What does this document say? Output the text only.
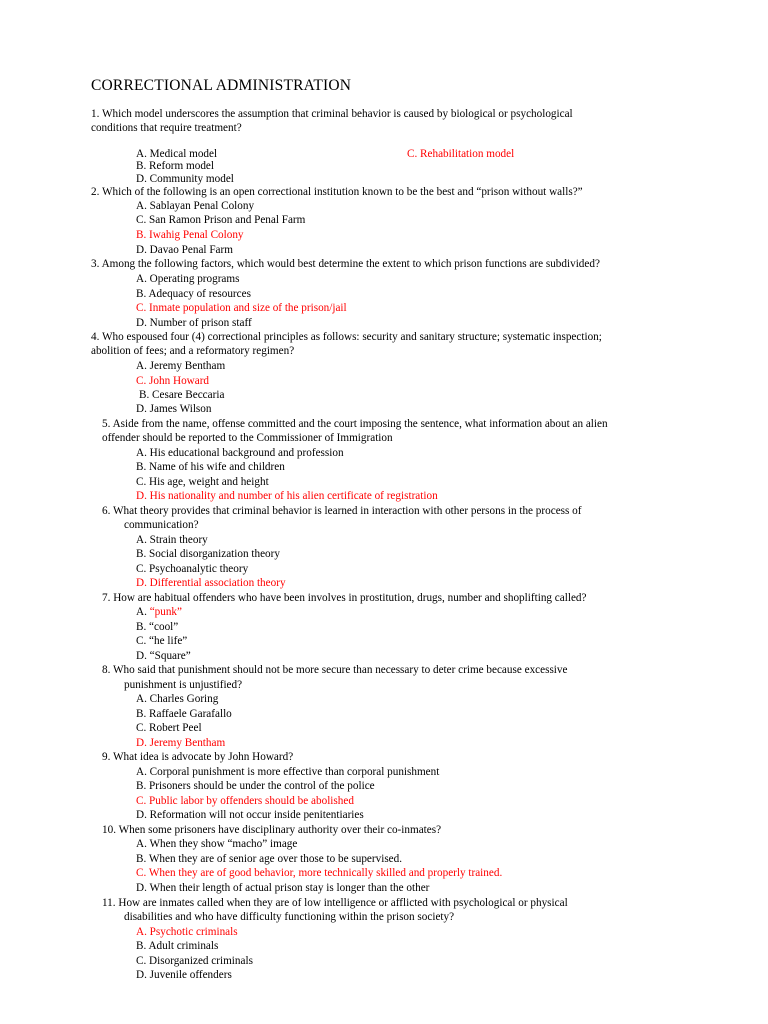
CORRECTIONAL ADMINISTRATION
1. Which model underscores the assumption that criminal behavior is caused by biological or psychological
conditions that require treatment?
A. Medical model	C. Rehabilitation model
B. Reform model
D. Community model
2. Which of the following is an open correctional institution known to be the best and “prison without walls?”
A. Sablayan Penal Colony
C. San Ramon Prison and Penal Farm
B. Iwahig Penal Colony
D. Davao Penal Farm
3. Among the following factors, which would best determine the extent to which prison functions are subdivided?
A. Operating programs
B. Adequacy of resources
C. Inmate population and size of the prison/jail
D. Number of prison staff
4. Who espoused four (4) correctional principles as follows: security and sanitary structure; systematic inspection;
abolition of fees; and a reformatory regimen?
A. Jeremy Bentham
C. John Howard
B. Cesare Beccaria
D. James Wilson
5. Aside from the name, offense committed and the court imposing the sentence, what information about an alien
offender should be reported to the Commissioner of Immigration
A. His educational background and profession
B. Name of his wife and children
C. His age, weight and height
D. His nationality and number of his alien certificate of registration
6. What theory provides that criminal behavior is learned in interaction with other persons in the process of
communication?
A. Strain theory
B. Social disorganization theory
C. Psychoanalytic theory
D. Differential association theory
7. How are habitual offenders who have been involves in prostitution, drugs, number and shoplifting called?
A. “punk”
B. “cool”
C. “he life”
D. “Square”
8. Who said that punishment should not be more secure than necessary to deter crime because excessive
punishment is unjustified?
A. Charles Goring
B. Raffaele Garafallo
C. Robert Peel
D. Jeremy Bentham
9. What idea is advocate by John Howard?
A. Corporal punishment is more effective than corporal punishment
B. Prisoners should be under the control of the police
C. Public labor by offenders should be abolished
D. Reformation will not occur inside penitentiaries
10. When some prisoners have disciplinary authority over their co-inmates?
A. When they show “macho” image
B. When they are of senior age over those to be supervised.
C. When they are of good behavior, more technically skilled and properly trained.
D. When their length of actual prison stay is longer than the other
11. How are inmates called when they are of low intelligence or afflicted with psychological or physical
disabilities and who have difficulty functioning within the prison society?
A. Psychotic criminals
B. Adult criminals
C. Disorganized criminals
D. Juvenile offenders
